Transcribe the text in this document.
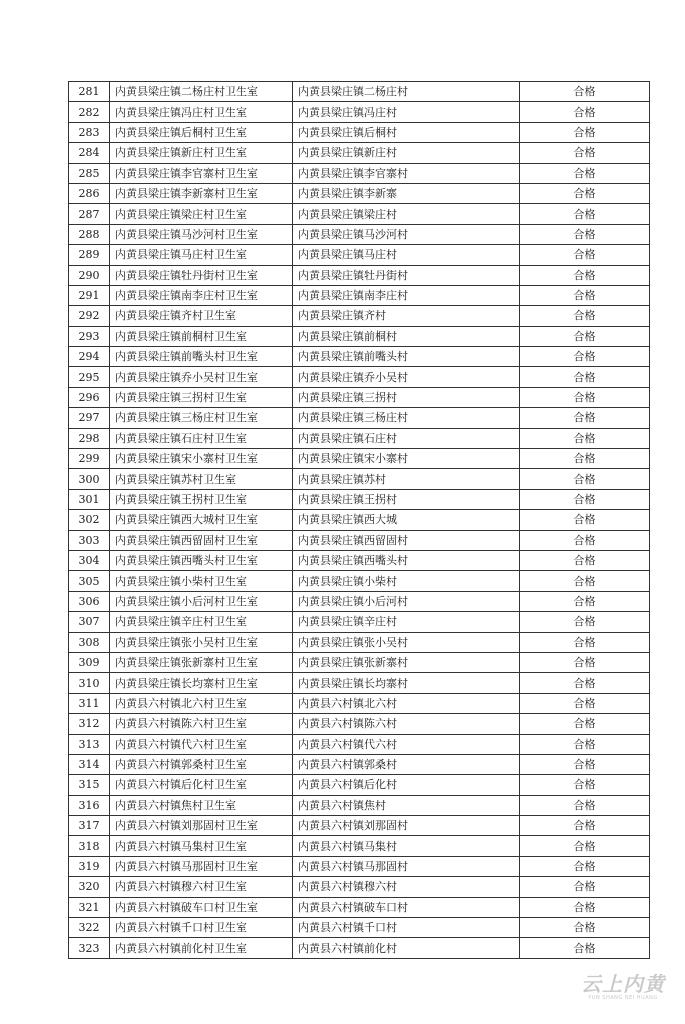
281	内黄县梁庄镇二杨庄村卫生室	内黄县梁庄镇二杨庄村	合格
282	内黄县梁庄镇冯庄村卫生室	内黄县梁庄镇冯庄村	合格
283	内黄县梁庄镇后桐村卫生室	内黄县梁庄镇后桐村	合格
284	内黄县梁庄镇新庄村卫生室	内黄县梁庄镇新庄村	合格
285	内黄县梁庄镇李官寨村卫生室	内黄县梁庄镇李官寨村	合格
286	内黄县梁庄镇李新寨村卫生室	内黄县梁庄镇李新寨	合格
287	内黄县梁庄镇梁庄村卫生室	内黄县梁庄镇梁庄村	合格
288	内黄县梁庄镇马沙河村卫生室	内黄县梁庄镇马沙河村	合格
289	内黄县梁庄镇马庄村卫生室	内黄县梁庄镇马庄村	合格
290	内黄县梁庄镇牡丹街村卫生室	内黄县梁庄镇牡丹街村	合格
291	内黄县梁庄镇南李庄村卫生室	内黄县梁庄镇南李庄村	合格
292	内黄县梁庄镇齐村卫生室	内黄县梁庄镇齐村	合格
293	内黄县梁庄镇前桐村卫生室	内黄县梁庄镇前桐村	合格
294	内黄县梁庄镇前嘴头村卫生室	内黄县梁庄镇前嘴头村	合格
295	内黄县梁庄镇乔小吴村卫生室	内黄县梁庄镇乔小吴村	合格
296	内黄县梁庄镇三拐村卫生室	内黄县梁庄镇三拐村	合格
297	内黄县梁庄镇三杨庄村卫生室	内黄县梁庄镇三杨庄村	合格
298	内黄县梁庄镇石庄村卫生室	内黄县梁庄镇石庄村	合格
299	内黄县梁庄镇宋小寨村卫生室	内黄县梁庄镇宋小寨村	合格
300	内黄县梁庄镇苏村卫生室	内黄县梁庄镇苏村	合格
301	内黄县梁庄镇王拐村卫生室	内黄县梁庄镇王拐村	合格
302	内黄县梁庄镇西大城村卫生室	内黄县梁庄镇西大城	合格
303	内黄县梁庄镇西留固村卫生室	内黄县梁庄镇西留固村	合格
304	内黄县梁庄镇西嘴头村卫生室	内黄县梁庄镇西嘴头村	合格
305	内黄县梁庄镇小柴村卫生室	内黄县梁庄镇小柴村	合格
306	内黄县梁庄镇小后河村卫生室	内黄县梁庄镇小后河村	合格
307	内黄县梁庄镇辛庄村卫生室	内黄县梁庄镇辛庄村	合格
308	内黄县梁庄镇张小吴村卫生室	内黄县梁庄镇张小吴村	合格
309	内黄县梁庄镇张新寨村卫生室	内黄县梁庄镇张新寨村	合格
310	内黄县梁庄镇长均寨村卫生室	内黄县梁庄镇长均寨村	合格
311	内黄县六村镇北六村卫生室	内黄县六村镇北六村	合格
312	内黄县六村镇陈六村卫生室	内黄县六村镇陈六村	合格
313	内黄县六村镇代六村卫生室	内黄县六村镇代六村	合格
314	内黄县六村镇郭桑村卫生室	内黄县六村镇郭桑村	合格
315	内黄县六村镇后化村卫生室	内黄县六村镇后化村	合格
316	内黄县六村镇焦村卫生室	内黄县六村镇焦村	合格
317	内黄县六村镇刘那固村卫生室	内黄县六村镇刘那固村	合格
318	内黄县六村镇马集村卫生室	内黄县六村镇马集村	合格
319	内黄县六村镇马那固村卫生室	内黄县六村镇马那固村	合格
320	内黄县六村镇穆六村卫生室	内黄县六村镇穆六村	合格
321	内黄县六村镇破车口村卫生室	内黄县六村镇破车口村	合格
322	内黄县六村镇千口村卫生室	内黄县六村镇千口村	合格
323	内黄县六村镇前化村卫生室	内黄县六村镇前化村	合格
云上内黄
YUN SHANG NEI HUANG
